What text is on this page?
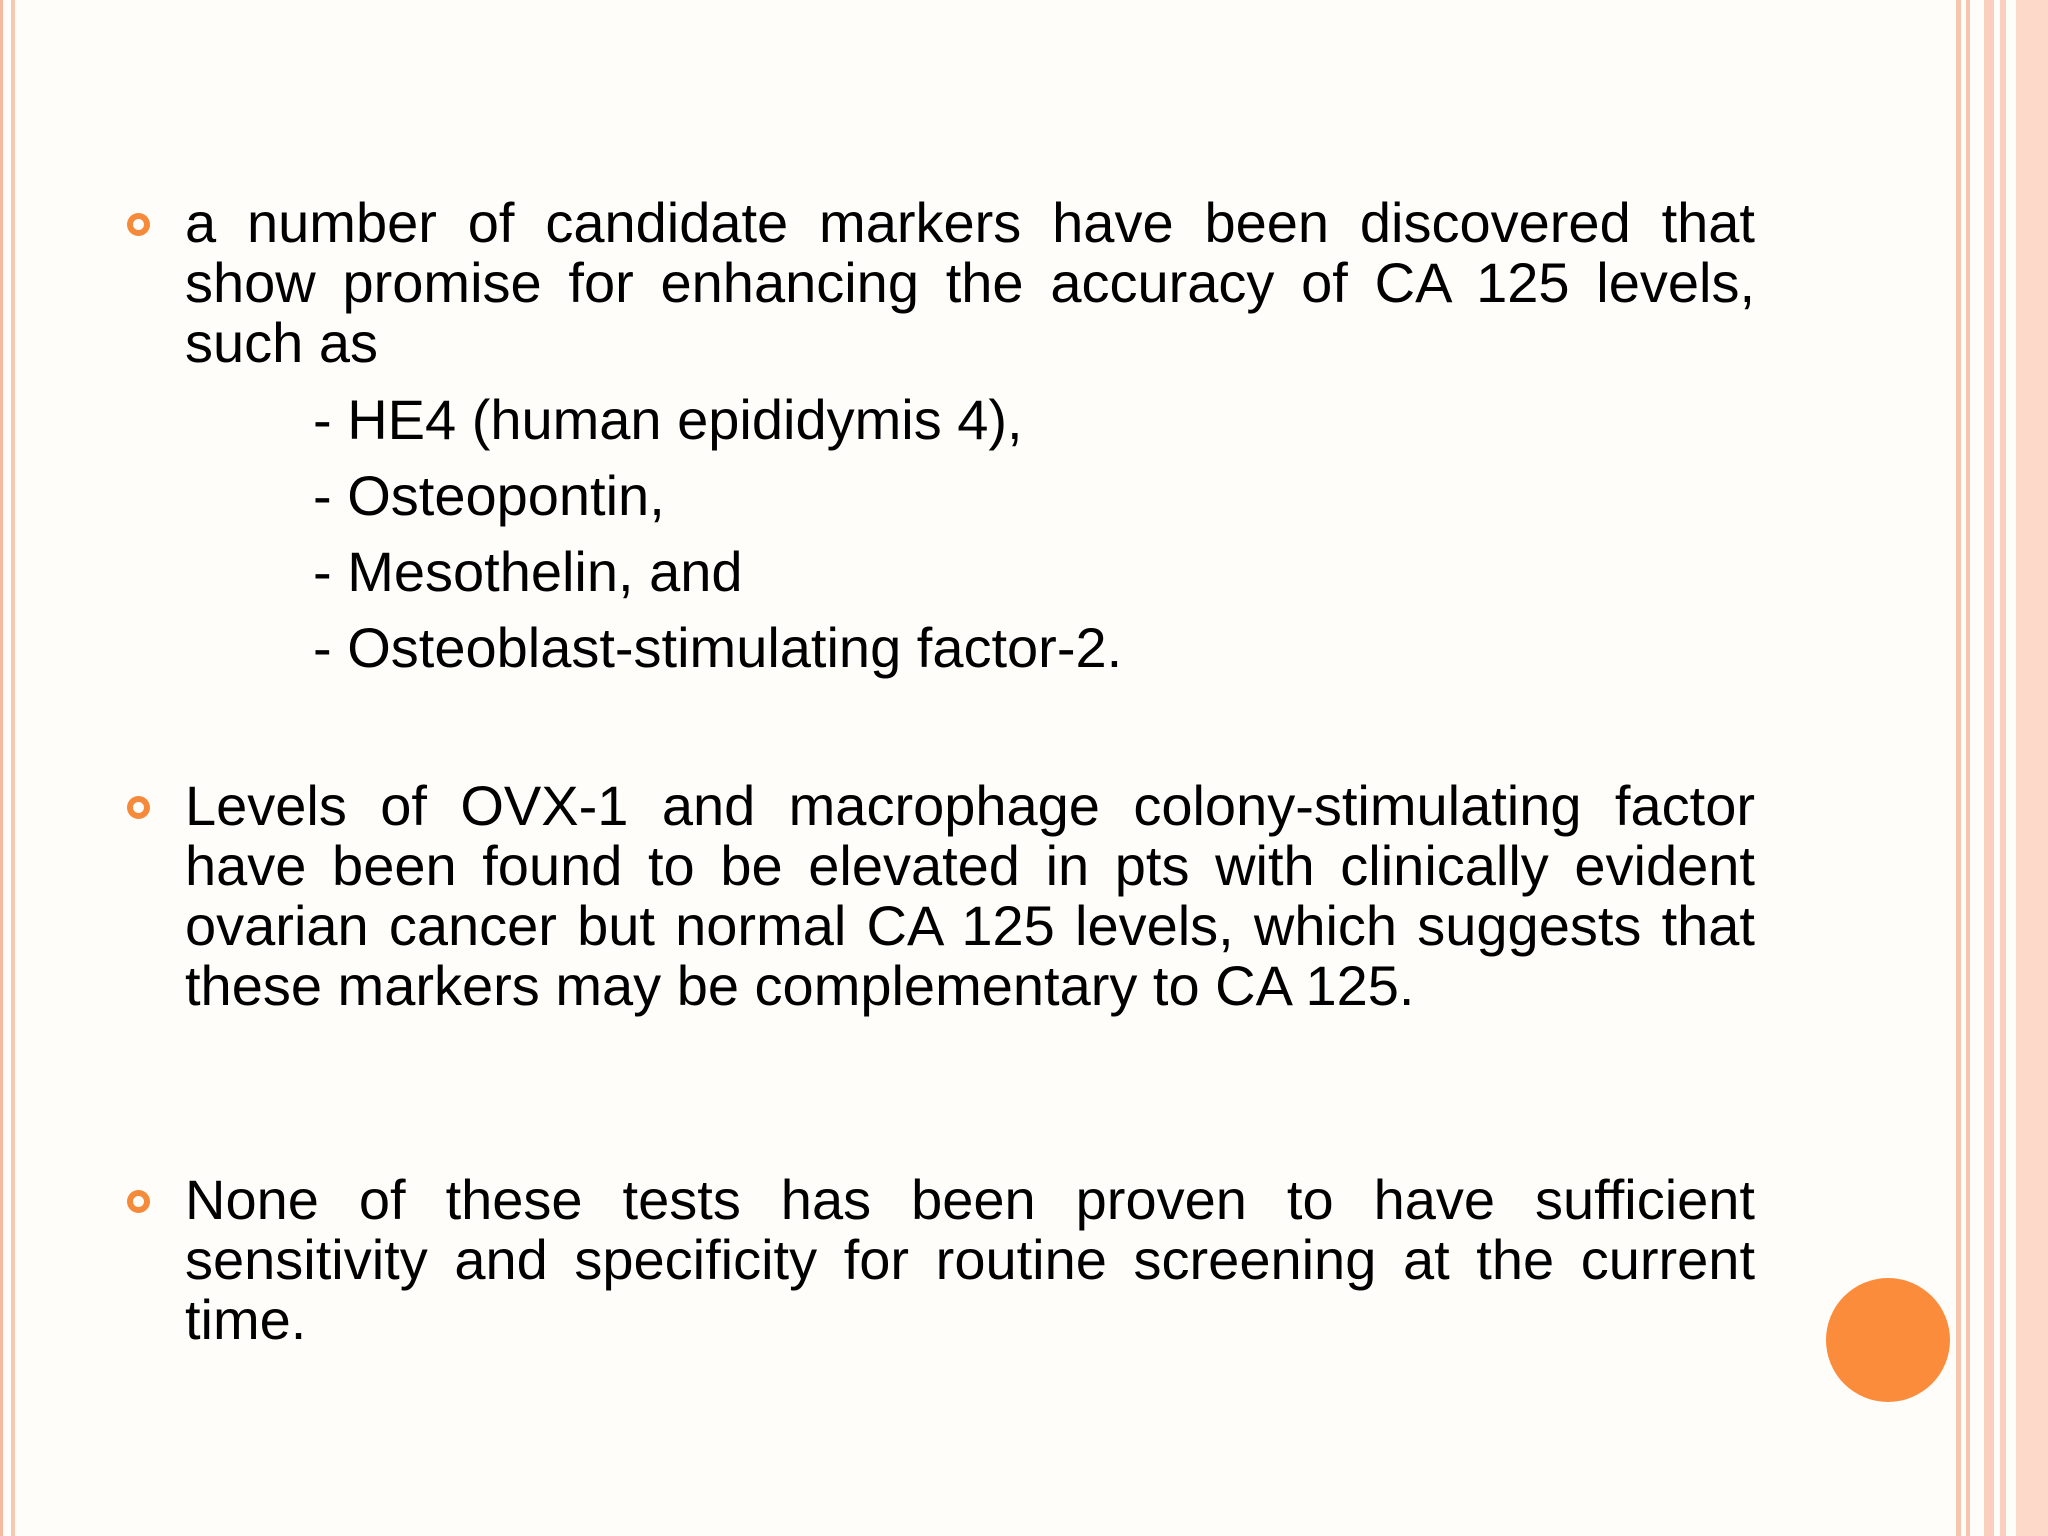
a number of candidate markers have been discovered that show promise for enhancing the accuracy of CA 125 levels, such as
- HE4 (human epididymis 4),
- Osteopontin,
- Mesothelin, and
- Osteoblast-stimulating factor-2.
Levels of OVX-1 and macrophage colony-stimulating factor have been found to be elevated in pts with clinically evident ovarian cancer but normal CA 125 levels, which suggests that these markers may be complementary to CA 125.
None of these tests has been proven to have sufficient sensitivity and specificity for routine screening at the current time.
